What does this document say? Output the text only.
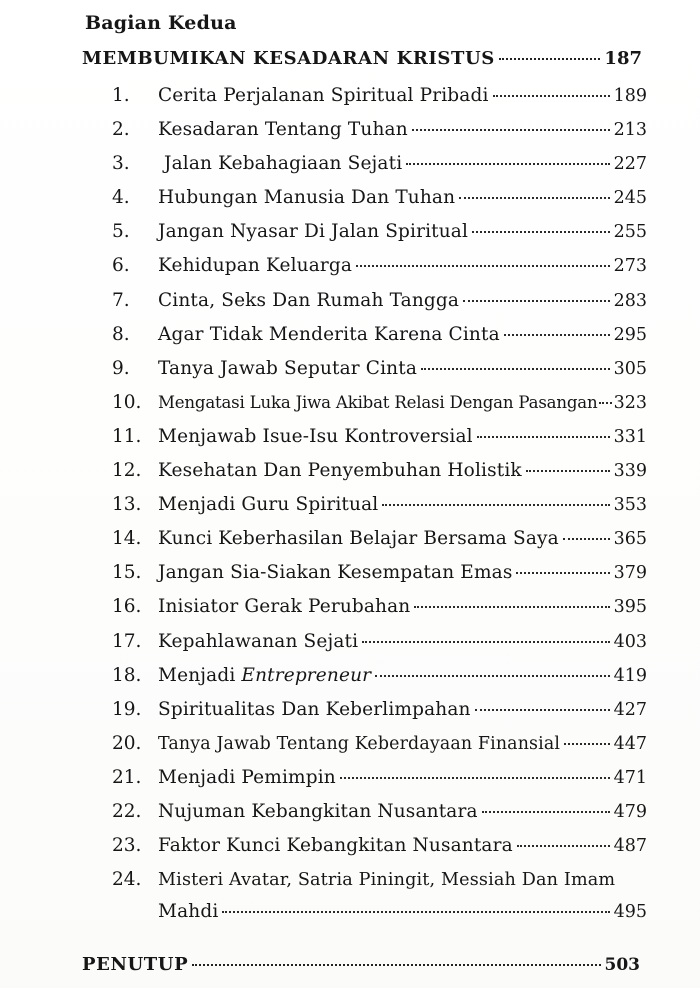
Bagian Kedua
MEMBUMIKAN KESADARAN KRISTUS	187
1.	Cerita Perjalanan Spiritual Pribadi	189
2.	Kesadaran Tentang Tuhan	213
3.	Jalan Kebahagiaan Sejati	227
4.	Hubungan Manusia Dan Tuhan	245
5.	Jangan Nyasar Di Jalan Spiritual	255
6.	Kehidupan Keluarga	273
7.	Cinta, Seks Dan Rumah Tangga	283
8.	Agar Tidak Menderita Karena Cinta	295
9.	Tanya Jawab Seputar Cinta	305
10. Mengatasi Luka Jiwa Akibat Relasi Dengan Pasangan 323
11. Menjawab Isue-Isu Kontroversial	331
12. Kesehatan Dan Penyembuhan Holistik	339
13. Menjadi Guru Spiritual	353
14. Kunci Keberhasilan Belajar Bersama Saya	365
15. Jangan Sia-Siakan Kesempatan Emas	379
16. Inisiator Gerak Perubahan	395
17. Kepahlawanan Sejati	403
18. Menjadi Entrepreneur	419
19. Spiritualitas Dan Keberlimpahan	427
20. Tanya Jawab Tentang Keberdayaan Finansial	447
21. Menjadi Pemimpin	471
22. Nujuman Kebangkitan Nusantara	479
23. Faktor Kunci Kebangkitan Nusantara	487
24. Misteri Avatar, Satria Piningit, Messiah Dan Imam
Mahdi	495
PENUTUP	503
